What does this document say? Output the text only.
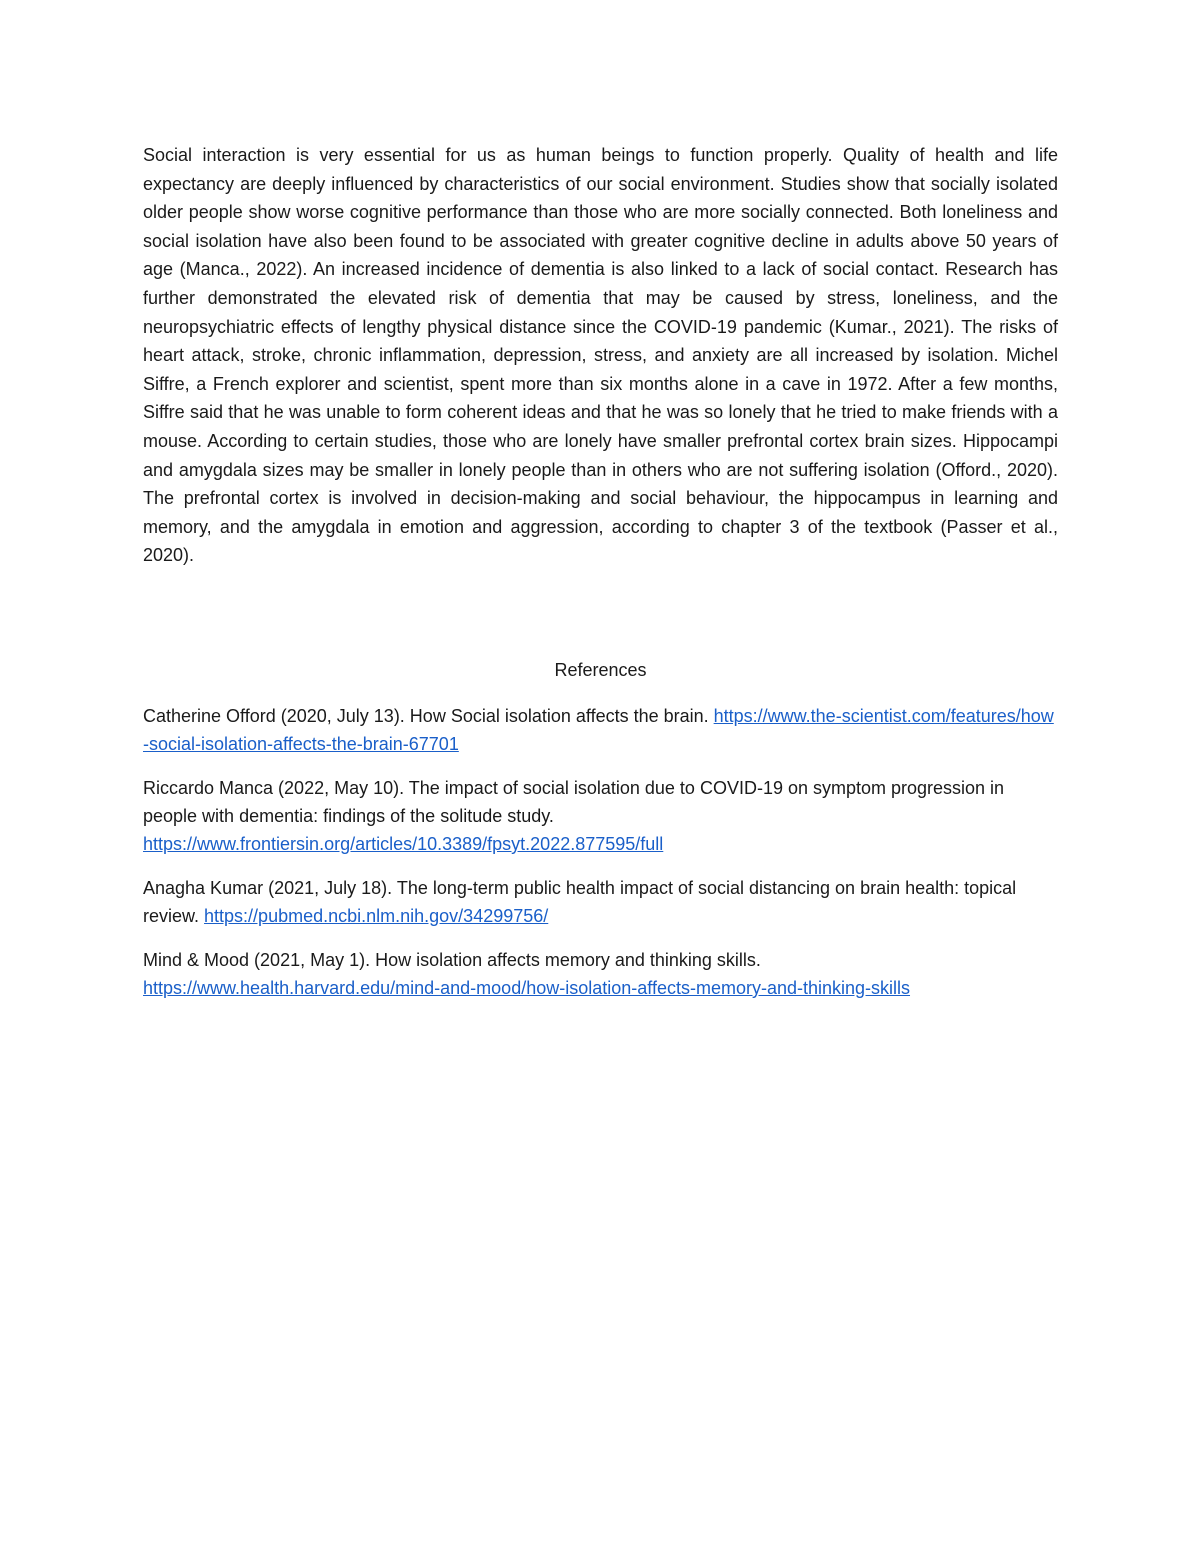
Social interaction is very essential for us as human beings to function properly. Quality of health and life expectancy are deeply influenced by characteristics of our social environment. Studies show that socially isolated older people show worse cognitive performance than those who are more socially connected. Both loneliness and social isolation have also been found to be associated with greater cognitive decline in adults above 50 years of age (Manca., 2022). An increased incidence of dementia is also linked to a lack of social contact. Research has further demonstrated the elevated risk of dementia that may be caused by stress, loneliness, and the neuropsychiatric effects of lengthy physical distance since the COVID-19 pandemic (Kumar., 2021). The risks of heart attack, stroke, chronic inflammation, depression, stress, and anxiety are all increased by isolation. Michel Siffre, a French explorer and scientist, spent more than six months alone in a cave in 1972. After a few months, Siffre said that he was unable to form coherent ideas and that he was so lonely that he tried to make friends with a mouse. According to certain studies, those who are lonely have smaller prefrontal cortex brain sizes. Hippocampi and amygdala sizes may be smaller in lonely people than in others who are not suffering isolation (Offord., 2020). The prefrontal cortex is involved in decision-making and social behaviour, the hippocampus in learning and memory, and the amygdala in emotion and aggression, according to chapter 3 of the textbook (Passer et al., 2020).

References
Catherine Offord (2020, July 13). How Social isolation affects the brain. https://www.the-scientist.com/features/how-social-isolation-affects-the-brain-67701
Riccardo Manca (2022, May 10). The impact of social isolation due to COVID-19 on symptom progression in people with dementia: findings of the solitude study.
https://www.frontiersin.org/articles/10.3389/fpsyt.2022.877595/full
Anagha Kumar (2021, July 18). The long-term public health impact of social distancing on brain health: topical review. https://pubmed.ncbi.nlm.nih.gov/34299756/
Mind & Mood (2021, May 1). How isolation affects memory and thinking skills.
https://www.health.harvard.edu/mind-and-mood/how-isolation-affects-memory-and-thinking-skills
